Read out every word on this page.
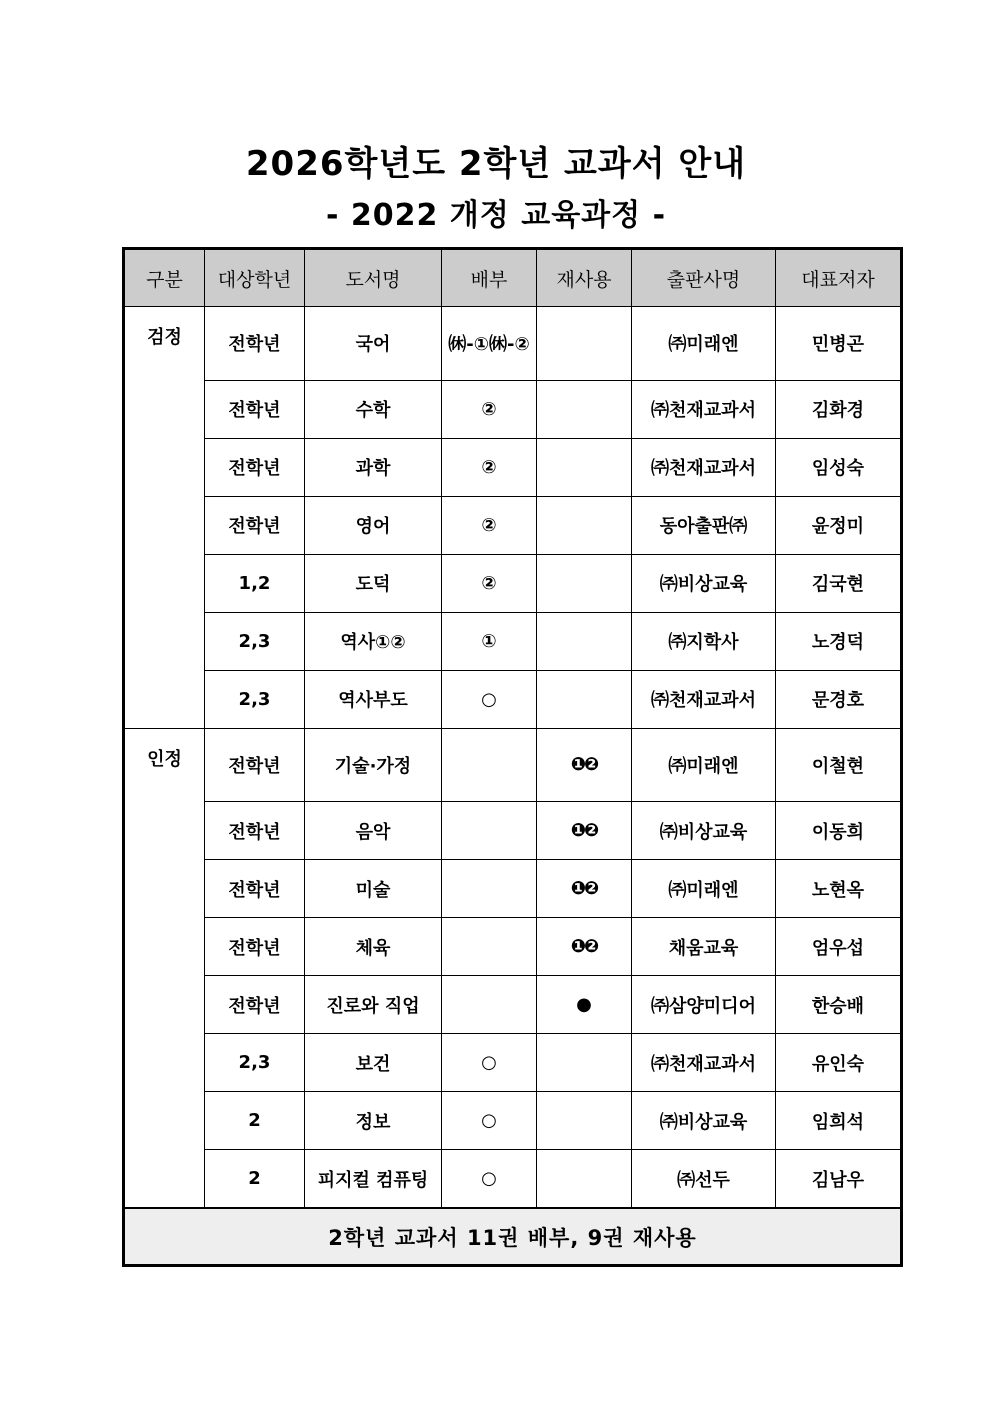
2026학년도 2학년 교과서 안내
- 2022 개정 교육과정 -
구분	대상학년	도서명	배부	재사용	출판사명	대표저자
검정	전학년	국어	㉁-①㉁-②		㈜미래엔	민병곤
	전학년	수학	②		㈜천재교과서	김화경
	전학년	과학	②		㈜천재교과서	임성숙
	전학년	영어	②		동아출판㈜	윤정미
	1,2	도덕	②		㈜비상교육	김국현
	2,3	역사①②	①		㈜지학사	노경덕
	2,3	역사부도	○		㈜천재교과서	문경호
인정	전학년	기술·가정		❶❷	㈜미래엔	이철현
	전학년	음악		❶❷	㈜비상교육	이동희
	전학년	미술		❶❷	㈜미래엔	노현옥
	전학년	체육		❶❷	채움교육	엄우섭
	전학년	진로와 직업		●	㈜삼양미디어	한승배
	2,3	보건	○		㈜천재교과서	유인숙
	2	정보	○		㈜비상교육	임희석
	2	피지컬 컴퓨팅	○		㈜선두	김남우
2학년 교과서 11권 배부, 9권 재사용						
